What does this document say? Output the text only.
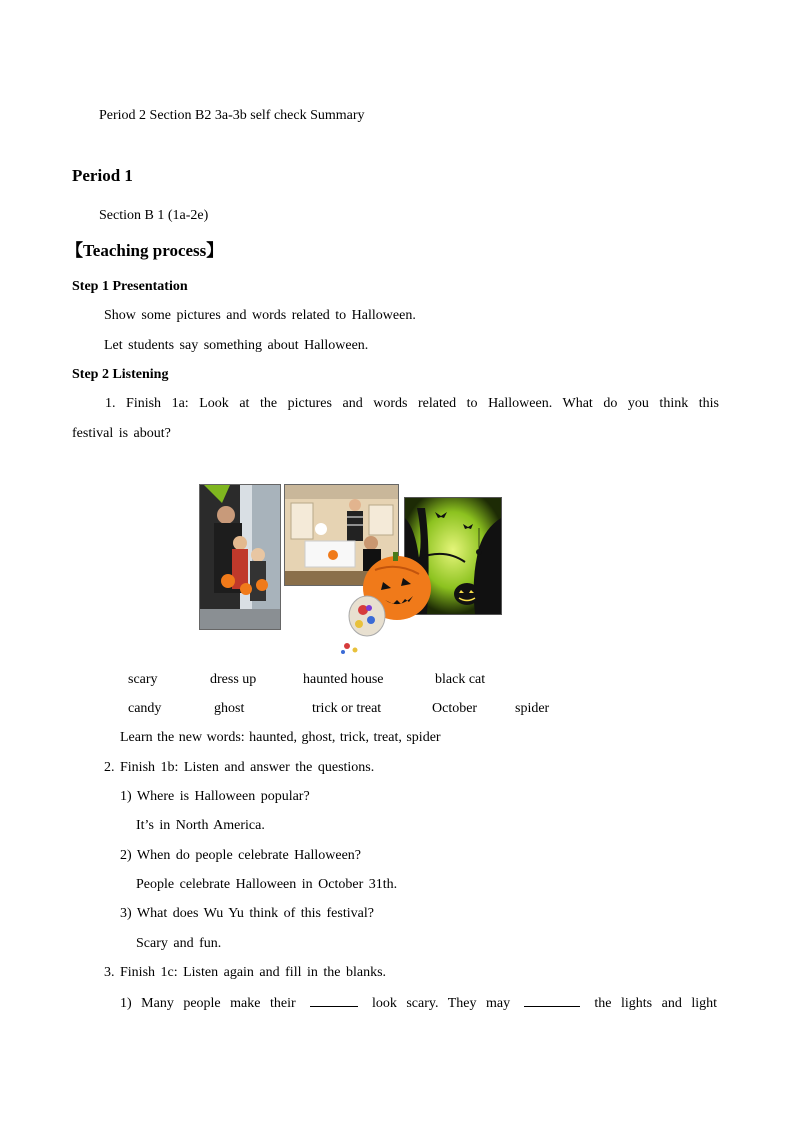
Period 2 Section B2 3a-3b self check Summary
Period 1
Section B 1 (1a-2e)
【Teaching process】
Step 1 Presentation
Show some pictures and words related to Halloween.
Let students say something about Halloween.
Step 2 Listening
1. Finish 1a: Look at the pictures and words related to Halloween. What do you think this
festival is about?
scary	dress up	haunted house	black cat
candy	ghost	trick or treat	October	spider
Learn the new words: haunted, ghost, trick, treat, spider
2. Finish 1b: Listen and answer the questions.
1) Where is Halloween popular?
It’s in North America.
2) When do people celebrate Halloween?
People celebrate Halloween in October 31th.
3) What does Wu Yu think of this festival?
Scary and fun.
3. Finish 1c: Listen again and fill in the blanks.
1) Many people make their	look scary. They may	the lights and light
